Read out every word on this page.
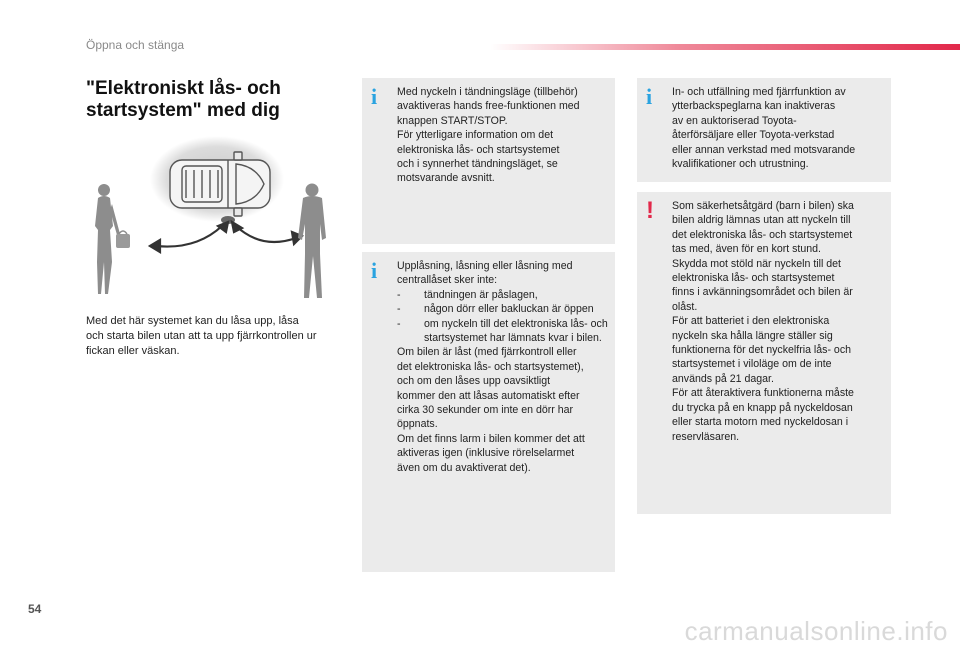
Öppna och stänga
"Elektroniskt lås- och
startsystem" med dig
Med det här systemet kan du låsa upp, låsa
och starta bilen utan att ta upp fjärrkontrollen ur
fickan eller väskan.
i Med nyckeln i tändningsläge (tillbehör)

avaktiveras hands free-funktionen med

knappen START/STOP.

För ytterligare information om det

elektroniska lås- och startsystemet

och i synnerhet tändningsläget, se

motsvarande avsnitt.

i Upplåsning, låsning eller låsning med

centrallåset sker inte:

- tändningen är påslagen,
- någon dörr eller bakluckan är öppen
- om nyckeln till det elektroniska lås- och startsystemet har lämnats kvar i bilen.

Om bilen är låst (med fjärrkontroll eller

det elektroniska lås- och startsystemet),

och om den låses upp oavsiktligt

kommer den att låsas automatiskt efter

cirka 30 sekunder om inte en dörr har

öppnats.

Om det finns larm i bilen kommer det att

aktiveras igen (inklusive rörelselarmet

även om du avaktiverat det).

i In- och utfällning med fjärrfunktion av

ytterbackspeglarna kan inaktiveras

av en auktoriserad Toyota-

återförsäljare eller Toyota-verkstad

eller annan verkstad med motsvarande

kvalifikationer och utrustning.

! Som säkerhetsåtgärd (barn i bilen) ska

bilen aldrig lämnas utan att nyckeln till

det elektroniska lås- och startsystemet

tas med, även för en kort stund.

Skydda mot stöld när nyckeln till det

elektroniska lås- och startsystemet

finns i avkänningsområdet och bilen är

olåst.

För att batteriet i den elektroniska

nyckeln ska hålla längre ställer sig

funktionerna för det nyckelfria lås- och

startsystemet i viloläge om de inte

används på 21 dagar.

För att återaktivera funktionerna måste

du trycka på en knapp på nyckeldosan

eller starta motorn med nyckeldosan i

reservläsaren.

54
carmanualsonline.info
